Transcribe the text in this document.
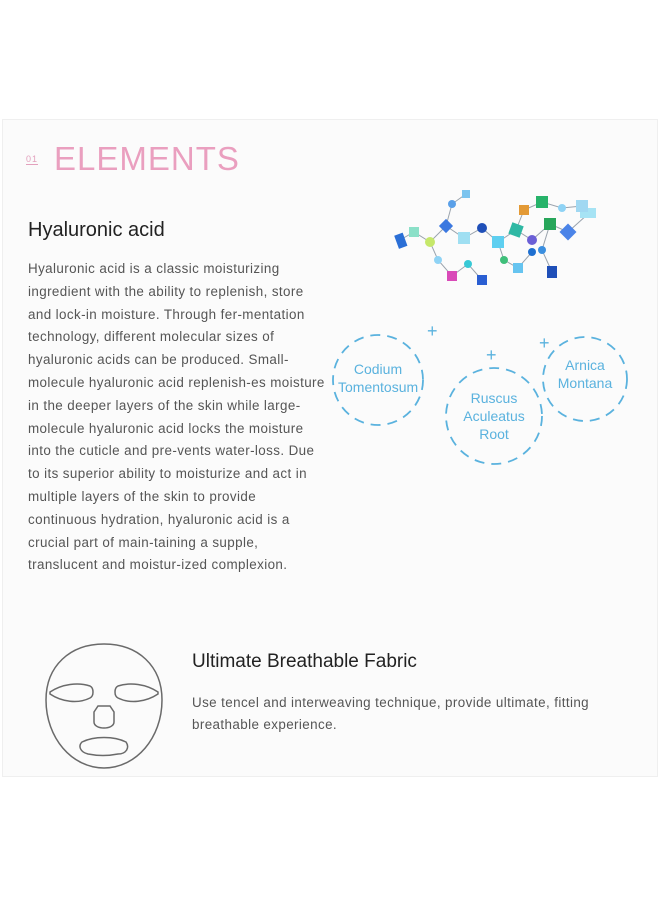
01 ELEMENTS
Hyaluronic acid
Hyaluronic acid is a classic moisturizing ingredient with the ability to replenish, store and lock-in moisture. Through fer-mentation technology, different molecular sizes of hyaluronic acids can be produced. Small-molecule hyaluronic acid replenish-es moisture in the deeper layers of the skin while large-molecule hyaluronic acid locks the moisture into the cuticle and pre-vents water-loss. Due to its superior ability to moisturize and act in multiple layers of the skin to provide continuous hydration, hyaluronic acid is a crucial part of main-taining a supple, translucent and moistur-ized complexion.
+
+
+
Codium
Tomentosum
Ruscus
Aculeatus
Root
Arnica
Montana
Ultimate Breathable Fabric
Use tencel and interweaving technique, provide ultimate, fitting breathable experience.
